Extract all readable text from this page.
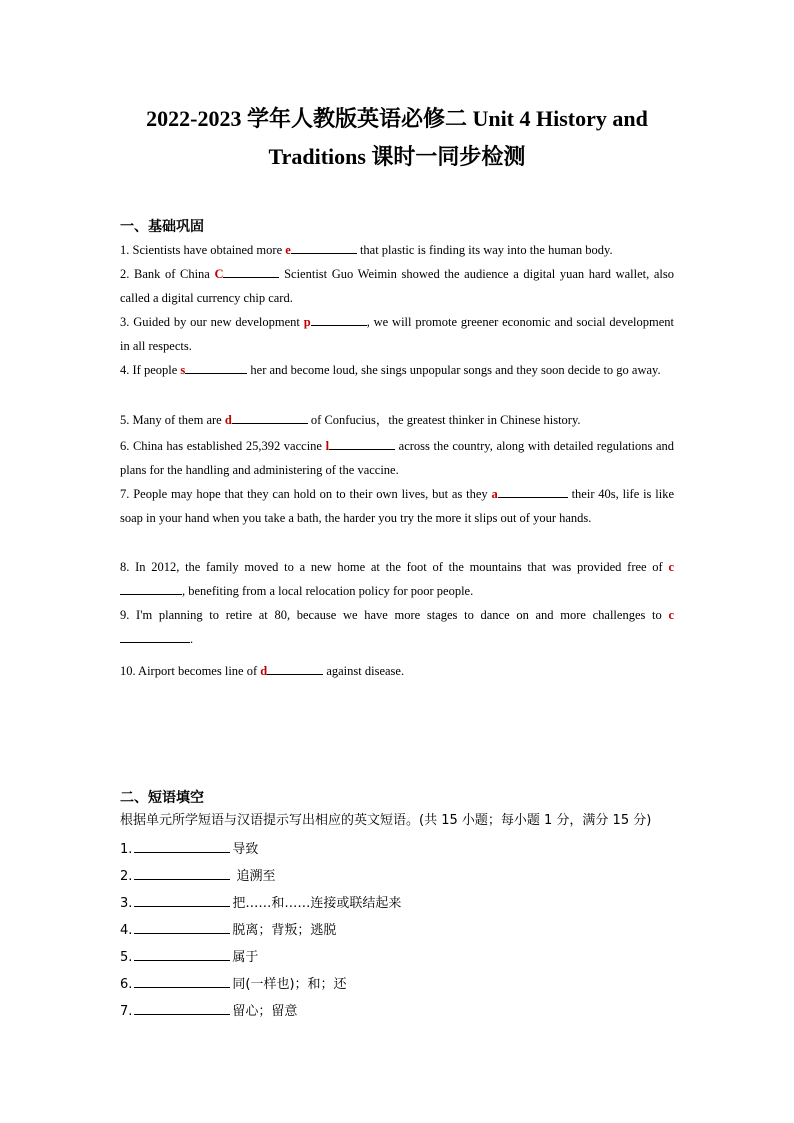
2022-2023 学年人教版英语必修二 Unit 4 History and
Traditions 课时一同步检测
一、基础巩固
1. Scientists have obtained more e	that plastic is finding its way into the human body.
2. Bank of China C	Scientist Guo Weimin showed the audience a digital yuan hard wallet, also called a digital currency chip card.
3. Guided by our new development p	, we will promote greener economic and social development in all respects.
4. If people s	her and become loud, she sings unpopular songs and they soon decide to go away.
5. Many of them are d	of Confucius，the greatest thinker in Chinese history.
6. China has established 25,392 vaccine l	across the country, along with detailed regulations and plans for the handling and administering of the vaccine.
7. People may hope that they can hold on to their own lives, but as they a	their 40s, life is like soap in your hand when you take a bath, the harder you try the more it slips out of your hands.
8. In 2012, the family moved to a new home at the foot of the mountains that was provided free of c, benefiting from a local relocation policy for poor people.
9. I'm planning to retire at 80, because we have more stages to dance on and more challenges to c.
10. Airport becomes line of d	against disease.
二、短语填空
根据单元所学短语与汉语提示写出相应的英文短语。(共 15 小题；每小题 1 分，满分 15 分)
1.	导致
2.	追溯至
3.	把……和……连接或联结起来
4.	脱离；背叛；逃脱
5.	属于
6.	同(一样也)；和；还
7.	留心；留意
